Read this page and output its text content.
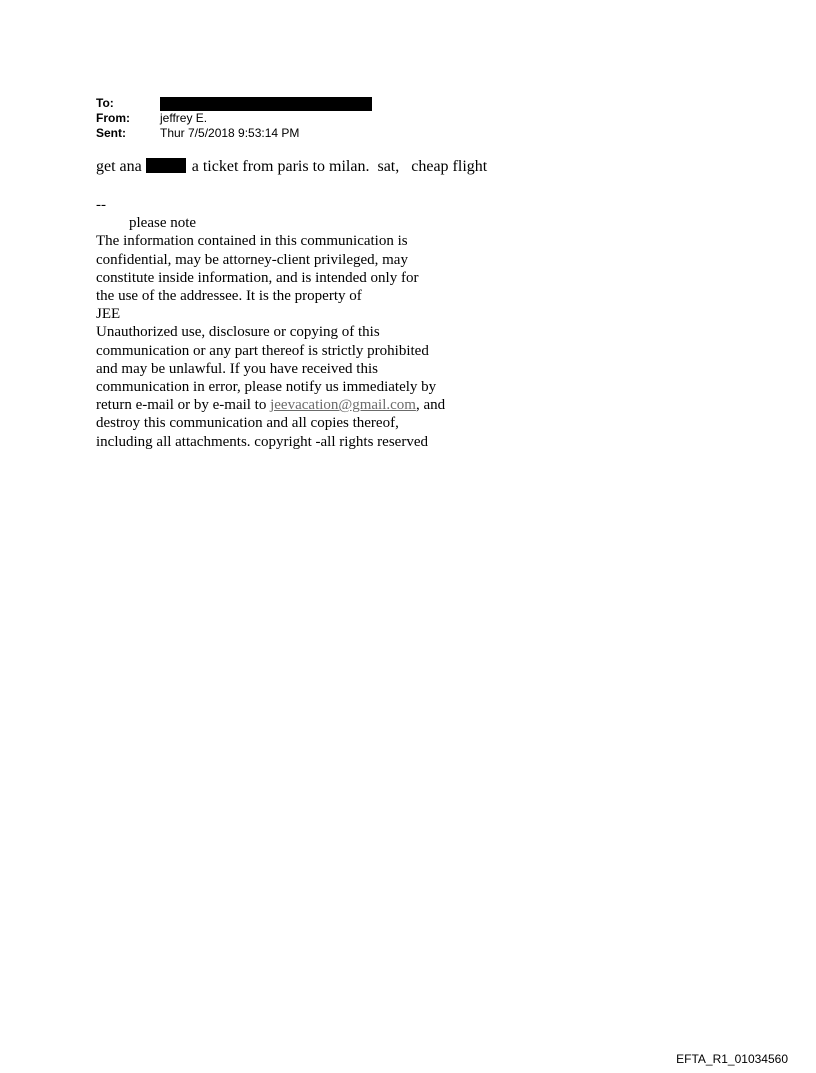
To:
From:	jeffrey E.
Sent:	Thur 7/5/2018 9:53:14 PM
get ana	a ticket from paris to milan.  sat,   cheap flight
--
please note
The information contained in this communication is
confidential, may be attorney-client privileged, may
constitute inside information, and is intended only for
the use of the addressee. It is the property of
JEE
Unauthorized use, disclosure or copying of this
communication or any part thereof is strictly prohibited
and may be unlawful. If you have received this
communication in error, please notify us immediately by
return e-mail or by e-mail to jeevacation@gmail.com, and
destroy this communication and all copies thereof,
including all attachments. copyright -all rights reserved
EFTA_R1_01034560
